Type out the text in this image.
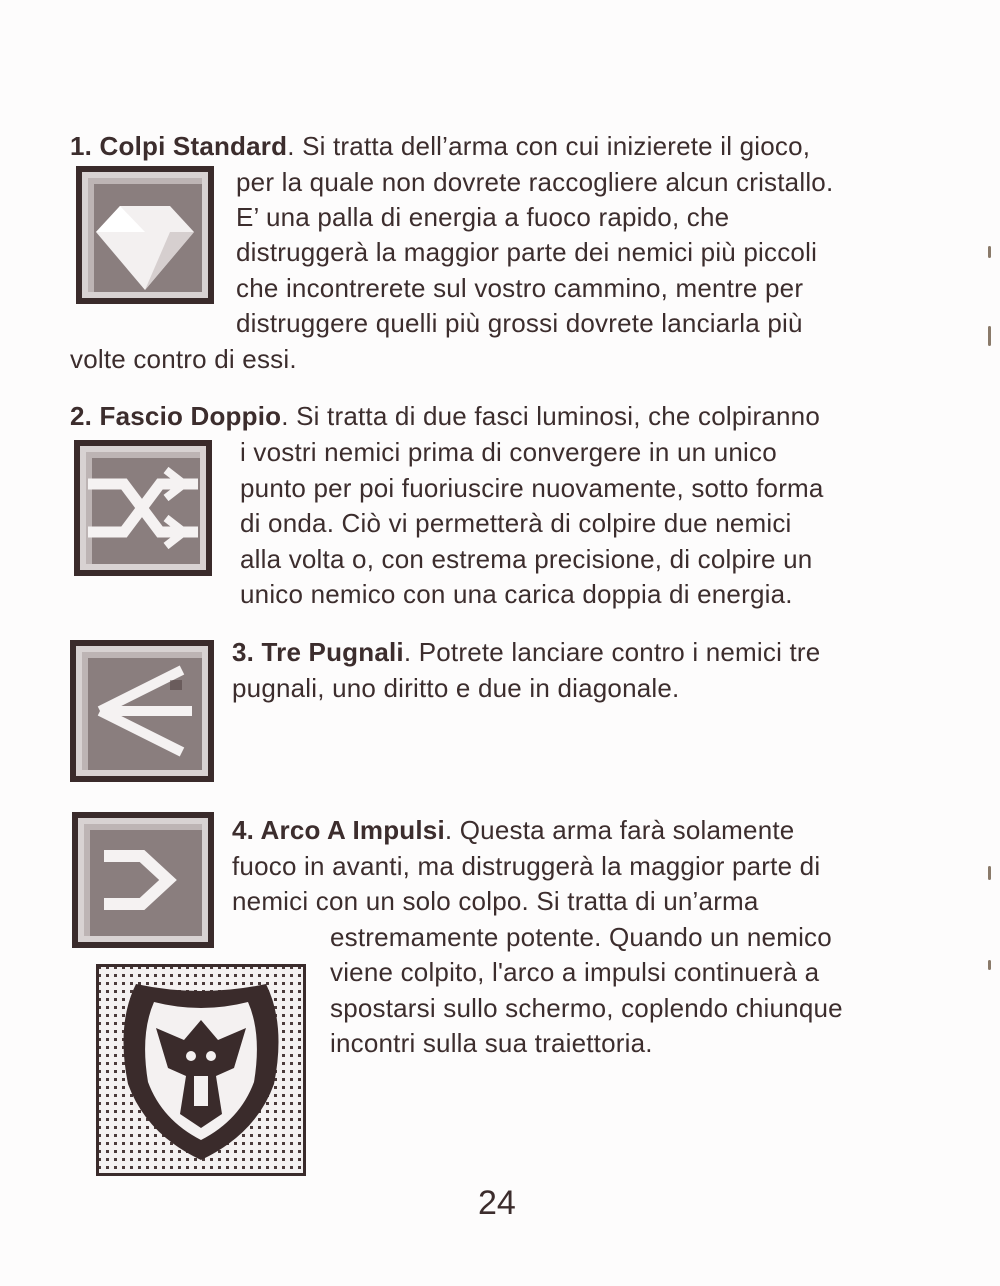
1. Colpi Standard. Si tratta dell’arma con cui inizierete il gioco,
per la quale non dovrete raccogliere alcun cristallo.
E’ una palla di energia a fuoco rapido, che
distruggerà la maggior parte dei nemici più piccoli
che incontrerete sul vostro cammino, mentre per
distruggere quelli più grossi dovrete lanciarla più
volte contro di essi.
2. Fascio Doppio. Si tratta di due fasci luminosi, che colpiranno
i vostri nemici prima di convergere in un unico
punto per poi fuoriuscire nuovamente, sotto forma
di onda. Ciò vi permetterà di colpire due nemici
alla volta o, con estrema precisione, di colpire un
unico nemico con una carica doppia di energia.
3. Tre Pugnali. Potrete lanciare contro i nemici tre
pugnali, uno diritto e due in diagonale.
4. Arco A Impulsi. Questa arma farà solamente
fuoco in avanti, ma distruggerà la maggior parte di
nemici con un solo colpo. Si tratta di un’arma
estremamente potente. Quando un nemico
viene colpito, l'arco a impulsi continuerà a
spostarsi sullo schermo, coplendo chiunque
incontri sulla sua traiettoria.
24
